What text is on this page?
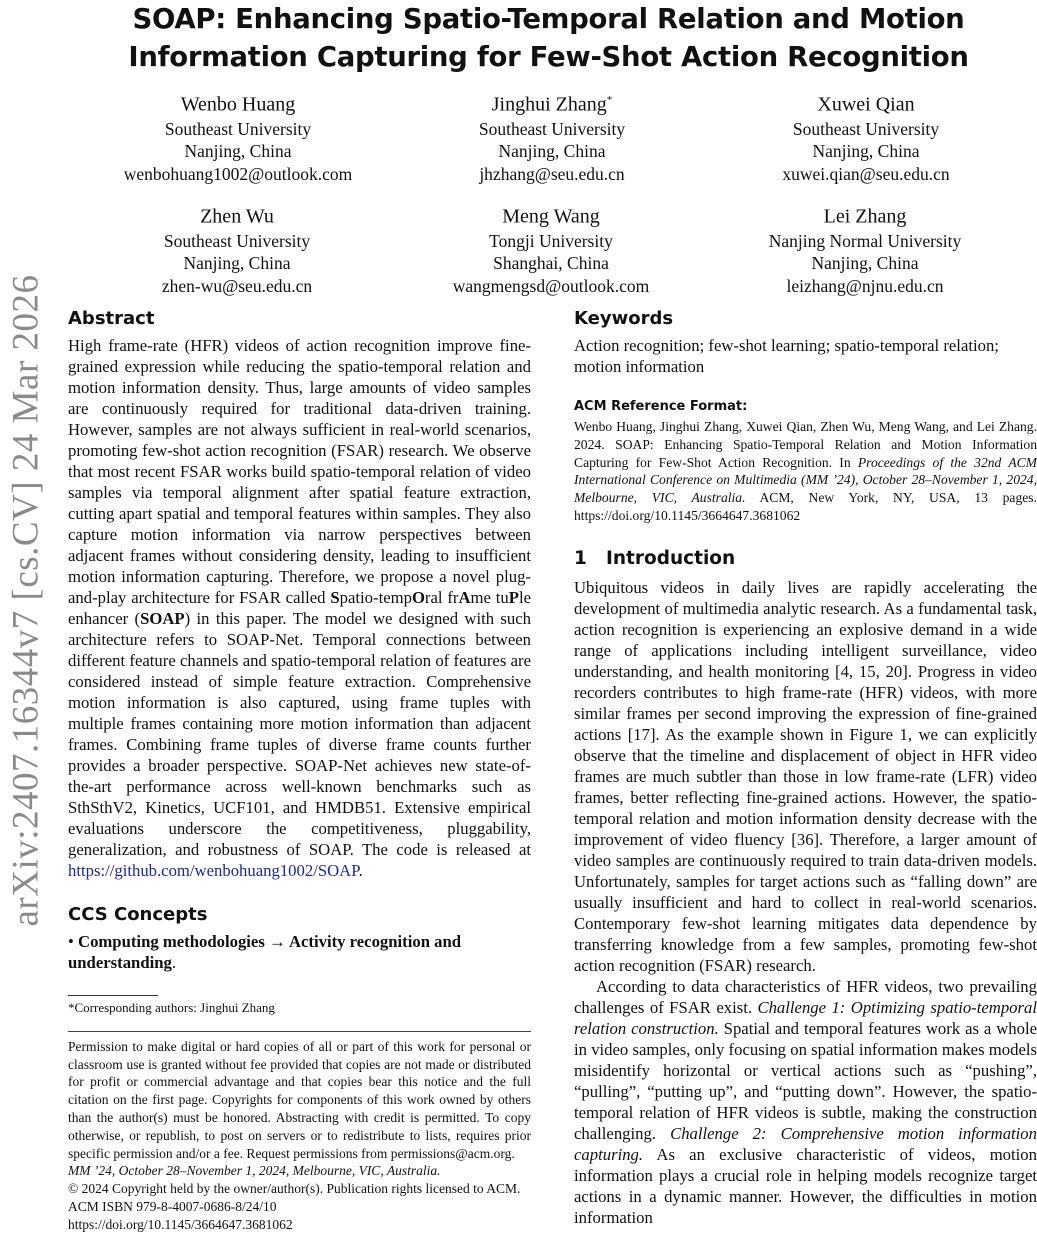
arXiv:2407.16344v7 [cs.CV] 24 Mar 2026
SOAP: Enhancing Spatio-Temporal Relation and Motion
Information Capturing for Few-Shot Action Recognition
Wenbo Huang
Southeast University
Nanjing, China
wenbohuang1002@outlook.com
Jinghui Zhang*
Southeast University
Nanjing, China
jhzhang@seu.edu.cn
Xuwei Qian
Southeast University
Nanjing, China
xuwei.qian@seu.edu.cn
Zhen Wu
Southeast University
Nanjing, China
zhen-wu@seu.edu.cn
Meng Wang
Tongji University
Shanghai, China
wangmengsd@outlook.com
Lei Zhang
Nanjing Normal University
Nanjing, China
leizhang@njnu.edu.cn
Abstract

High frame-rate (HFR) videos of action recognition improve fine-grained expression while reducing the spatio-temporal relation and motion information density. Thus, large amounts of video samples are continuously required for traditional data-driven training. However, samples are not always sufficient in real-world scenarios, promoting few-shot action recognition (FSAR) research. We observe that most recent FSAR works build spatio-temporal relation of video samples via temporal alignment after spatial feature extraction, cutting apart spatial and temporal features within samples. They also capture motion information via narrow perspectives between adjacent frames without considering density, leading to insufficient motion information capturing. Therefore, we propose a novel plug-and-play architecture for FSAR called Spatio-tempOral frAme tuPle enhancer (SOAP) in this paper. The model we designed with such architecture refers to SOAP-Net. Temporal connections between different feature channels and spatio-temporal relation of features are considered instead of simple feature extraction. Comprehensive motion information is also captured, using frame tuples with multiple frames containing more motion information than adjacent frames. Combining frame tuples of diverse frame counts further provides a broader perspective. SOAP-Net achieves new state-of-the-art performance across well-known benchmarks such as SthSthV2, Kinetics, UCF101, and HMDB51. Extensive empirical evaluations underscore the competitiveness, pluggability, generalization, and robustness of SOAP. The code is released at https://github.com/wenbohuang1002/SOAP.

CCS Concepts

• Computing methodologies → Activity recognition and understanding.

*Corresponding authors: Jinghui Zhang

Permission to make digital or hard copies of all or part of this work for personal or classroom use is granted without fee provided that copies are not made or distributed for profit or commercial advantage and that copies bear this notice and the full citation on the first page. Copyrights for components of this work owned by others than the author(s) must be honored. Abstracting with credit is permitted. To copy otherwise, or republish, to post on servers or to redistribute to lists, requires prior specific permission and/or a fee. Request permissions from permissions@acm.org.

MM ’24, October 28–November 1, 2024, Melbourne, VIC, Australia.

© 2024 Copyright held by the owner/author(s). Publication rights licensed to ACM.

ACM ISBN 979-8-4007-0686-8/24/10

https://doi.org/10.1145/3664647.3681062

Keywords

Action recognition; few-shot learning; spatio-temporal relation; motion information

ACM Reference Format:

Wenbo Huang, Jinghui Zhang, Xuwei Qian, Zhen Wu, Meng Wang, and Lei Zhang. 2024. SOAP: Enhancing Spatio-Temporal Relation and Motion Information Capturing for Few-Shot Action Recognition. In Proceedings of the 32nd ACM International Conference on Multimedia (MM ’24), October 28–November 1, 2024, Melbourne, VIC, Australia. ACM, New York, NY, USA, 13 pages. https://doi.org/10.1145/3664647.3681062

1 Introduction

Ubiquitous videos in daily lives are rapidly accelerating the development of multimedia analytic research. As a fundamental task, action recognition is experiencing an explosive demand in a wide range of applications including intelligent surveillance, video understanding, and health monitoring [4, 15, 20]. Progress in video recorders contributes to high frame-rate (HFR) videos, with more similar frames per second improving the expression of fine-grained actions [17]. As the example shown in Figure 1, we can explicitly observe that the timeline and displacement of object in HFR video frames are much subtler than those in low frame-rate (LFR) video frames, better reflecting fine-grained actions. However, the spatio-temporal relation and motion information density decrease with the improvement of video fluency [36]. Therefore, a larger amount of video samples are continuously required to train data-driven models. Unfortunately, samples for target actions such as “falling down” are usually insufficient and hard to collect in real-world scenarios. Contemporary few-shot learning mitigates data dependence by transferring knowledge from a few samples, promoting few-shot action recognition (FSAR) research.

According to data characteristics of HFR videos, two prevailing challenges of FSAR exist. Challenge 1: Optimizing spatio-temporal relation construction. Spatial and temporal features work as a whole in video samples, only focusing on spatial information makes models misidentify horizontal or vertical actions such as “pushing”, “pulling”, “putting up”, and “putting down”. However, the spatio-temporal relation of HFR videos is subtle, making the construction challenging. Challenge 2: Comprehensive motion information capturing. As an exclusive characteristic of videos, motion information plays a crucial role in helping models recognize target actions in a dynamic manner. However, the difficulties in motion information
